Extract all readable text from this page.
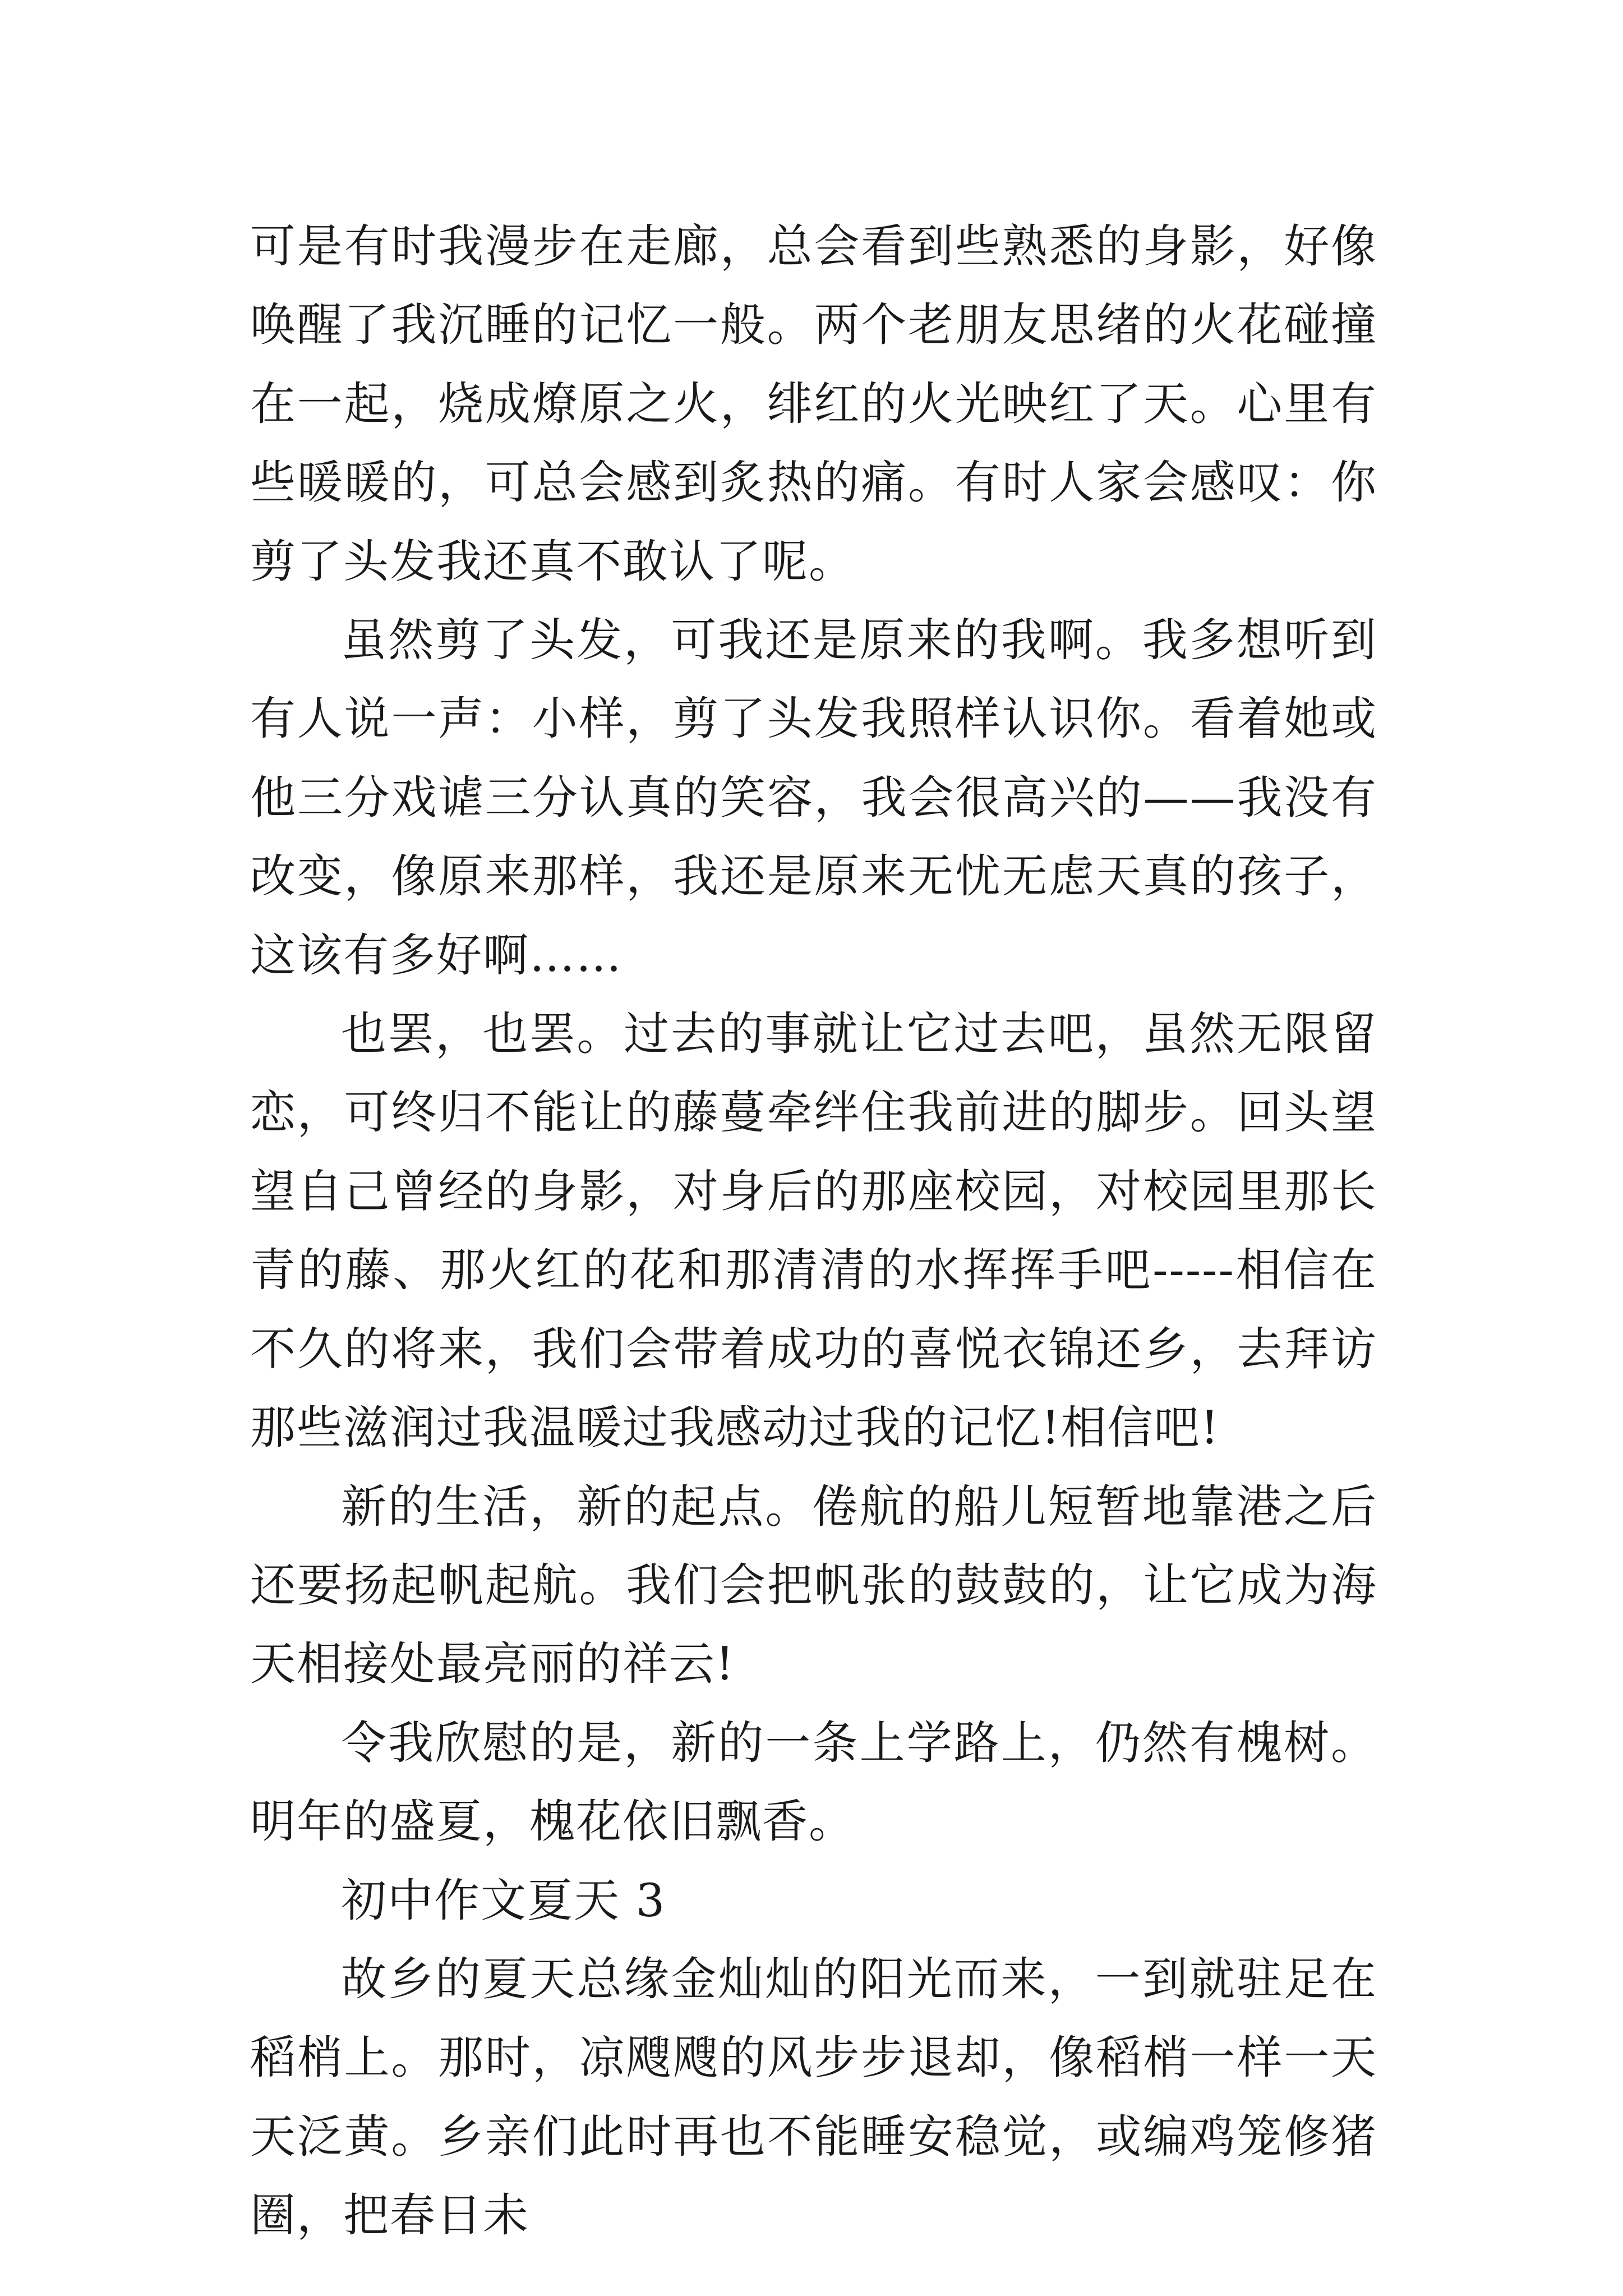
可是有时我漫步在走廊，总会看到些熟悉的身影，好像唤醒了我沉睡的记忆一般。两个老朋友思绪的火花碰撞在一起，烧成燎原之火，绯红的火光映红了天。心里有些暖暖的，可总会感到炙热的痛。有时人家会感叹：你剪了头发我还真不敢认了呢。

虽然剪了头发，可我还是原来的我啊。我多想听到有人说一声：小样，剪了头发我照样认识你。看着她或他三分戏谑三分认真的笑容，我会很高兴的——我没有改变，像原来那样，我还是原来无忧无虑天真的孩子，这该有多好啊……

也罢，也罢。过去的事就让它过去吧，虽然无限留恋，可终归不能让的藤蔓牵绊住我前进的脚步。回头望望自己曾经的身影，对身后的那座校园，对校园里那长青的藤、那火红的花和那清清的水挥挥手吧-----相信在不久的将来，我们会带着成功的喜悦衣锦还乡，去拜访那些滋润过我温暖过我感动过我的记忆!相信吧!

新的生活，新的起点。倦航的船儿短暂地靠港之后还要扬起帆起航。我们会把帆张的鼓鼓的，让它成为海天相接处最亮丽的祥云!

令我欣慰的是，新的一条上学路上，仍然有槐树。明年的盛夏，槐花依旧飘香。

初中作文夏天 3

故乡的夏天总缘金灿灿的阳光而来，一到就驻足在稻梢上。那时，凉飕飕的风步步退却，像稻梢一样一天天泛黄。乡亲们此时再也不能睡安稳觉，或编鸡笼修猪圈，把春日未
